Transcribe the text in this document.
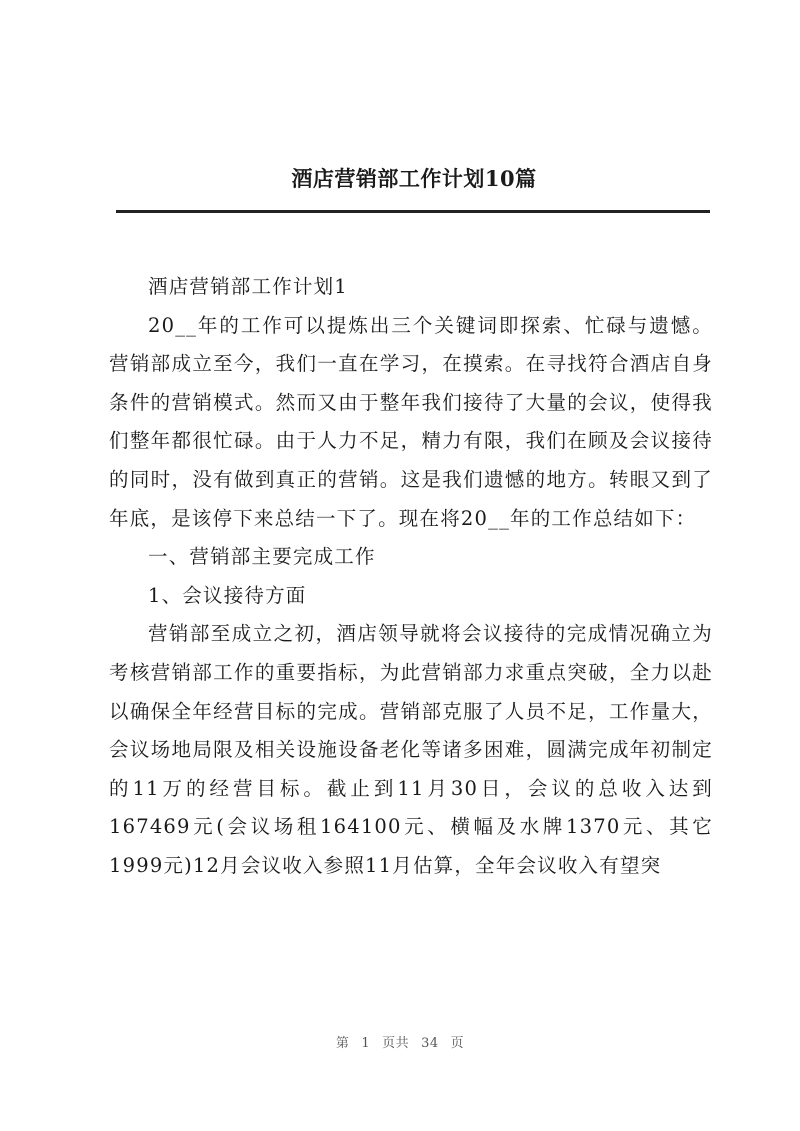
酒店营销部工作计划10篇

酒店营销部工作计划1

20__年的工作可以提炼出三个关键词即探索、忙碌与遗憾。营销部成立至今，我们一直在学习，在摸索。在寻找符合酒店自身条件的营销模式。然而又由于整年我们接待了大量的会议，使得我们整年都很忙碌。由于人力不足，精力有限，我们在顾及会议接待的同时，没有做到真正的营销。这是我们遗憾的地方。转眼又到了年底，是该停下来总结一下了。现在将20__年的工作总结如下：

一、营销部主要完成工作

1、会议接待方面

营销部至成立之初，酒店领导就将会议接待的完成情况确立为考核营销部工作的重要指标，为此营销部力求重点突破，全力以赴以确保全年经营目标的完成。营销部克服了人员不足，工作量大，会议场地局限及相关设施设备老化等诸多困难，圆满完成年初制定的11万的经营目标。截止到11月30日，会议的总收入达到167469元(会议场租164100元、横幅及水牌1370元、其它1999元)12月会议收入参照11月估算，全年会议收入有望突

第 1 页共 34 页
